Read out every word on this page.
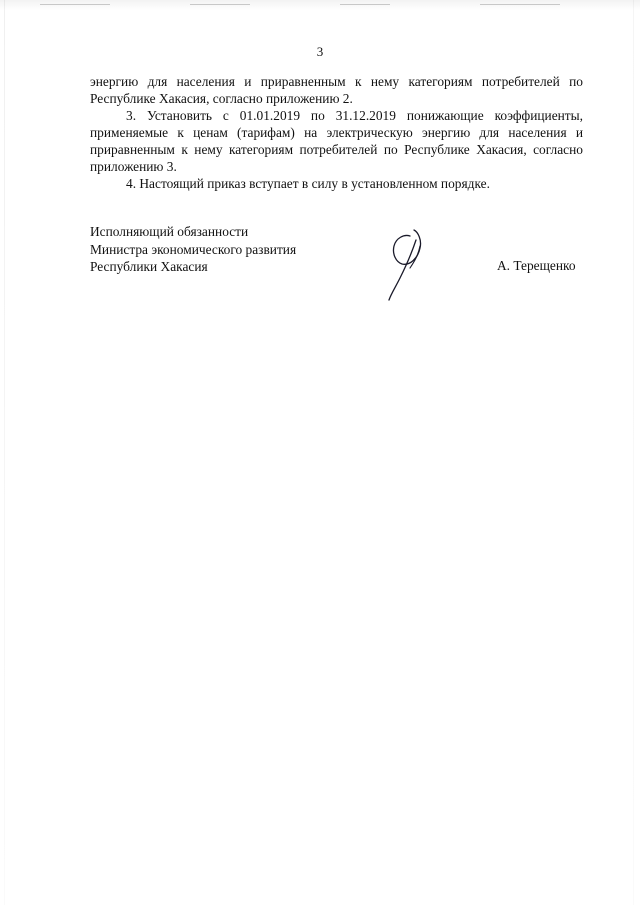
3

энергию для населения и приравненным к нему категориям потребителей по Республике Хакасия, согласно приложению 2.

3. Установить с 01.01.2019 по 31.12.2019 понижающие коэффициенты, применяемые к ценам (тарифам) на электрическую энергию для населения и приравненным к нему категориям потребителей по Республике Хакасия, согласно приложению 3.

4. Настоящий приказ вступает в силу в установленном порядке.

Исполняющий обязанности
Министра экономического развития
Республики Хакасия	А. Терещенко
